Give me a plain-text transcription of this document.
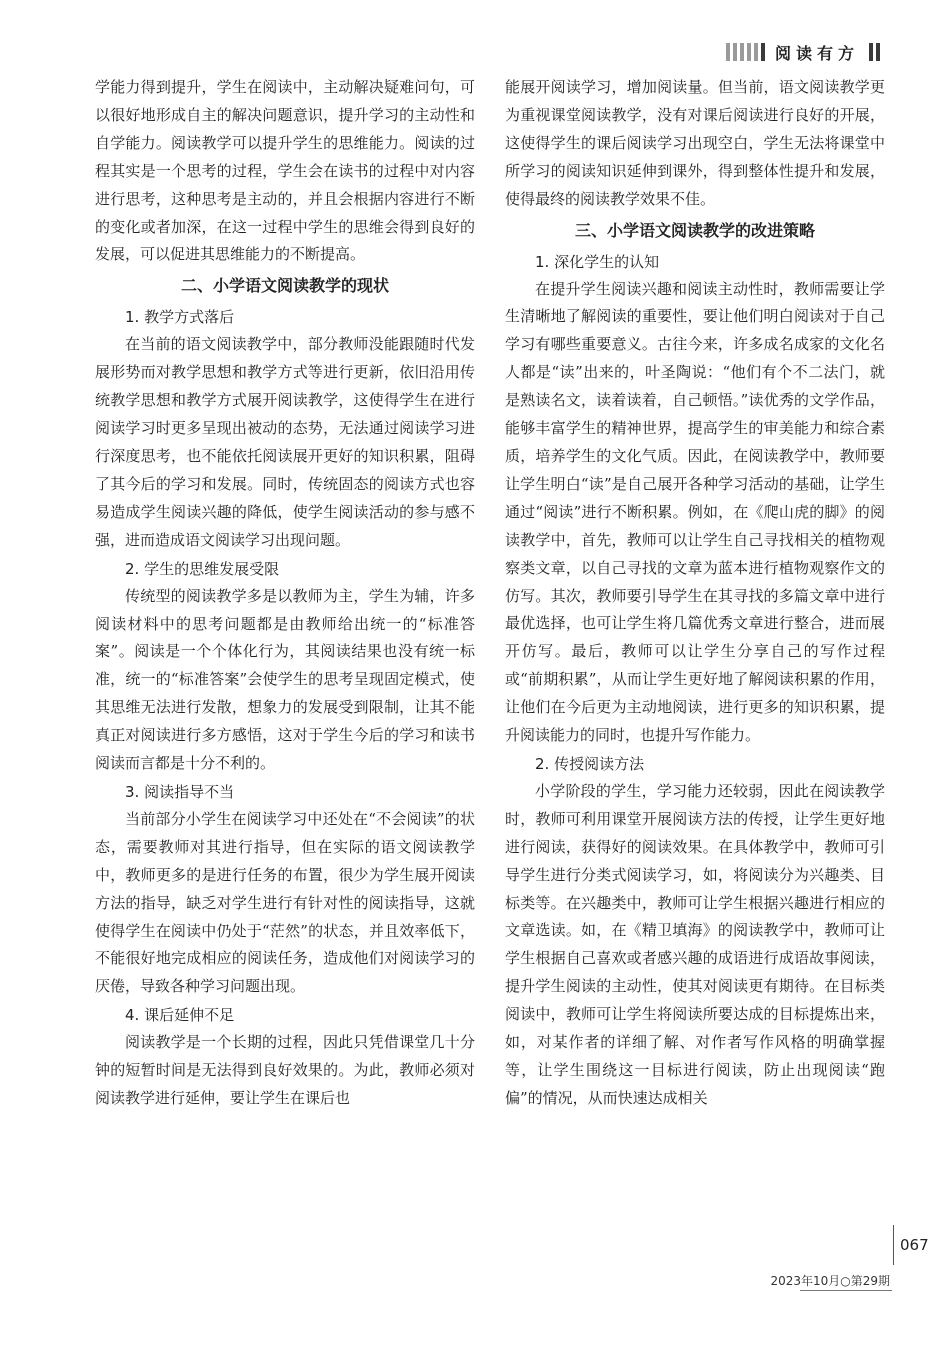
阅读有方

学能力得到提升，学生在阅读中，主动解决疑难问句，可以很好地形成自主的解决问题意识，提升学习的主动性和自学能力。阅读教学可以提升学生的思维能力。阅读的过程其实是一个思考的过程，学生会在读书的过程中对内容进行思考，这种思考是主动的，并且会根据内容进行不断的变化或者加深，在这一过程中学生的思维会得到良好的发展，可以促进其思维能力的不断提高。

二、小学语文阅读教学的现状
1. 教学方式落后

在当前的语文阅读教学中，部分教师没能跟随时代发展形势而对教学思想和教学方式等进行更新，依旧沿用传统教学思想和教学方式展开阅读教学，这使得学生在进行阅读学习时更多呈现出被动的态势，无法通过阅读学习进行深度思考，也不能依托阅读展开更好的知识积累，阻碍了其今后的学习和发展。同时，传统固态的阅读方式也容易造成学生阅读兴趣的降低，使学生阅读活动的参与感不强，进而造成语文阅读学习出现问题。

2. 学生的思维发展受限

传统型的阅读教学多是以教师为主，学生为辅，许多阅读材料中的思考问题都是由教师给出统一的“标准答案”。阅读是一个个体化行为，其阅读结果也没有统一标准，统一的“标准答案”会使学生的思考呈现固定模式，使其思维无法进行发散，想象力的发展受到限制，让其不能真正对阅读进行多方感悟，这对于学生今后的学习和读书阅读而言都是十分不利的。

3. 阅读指导不当

当前部分小学生在阅读学习中还处在“不会阅读”的状态，需要教师对其进行指导，但在实际的语文阅读教学中，教师更多的是进行任务的布置，很少为学生展开阅读方法的指导，缺乏对学生进行有针对性的阅读指导，这就使得学生在阅读中仍处于“茫然”的状态，并且效率低下，不能很好地完成相应的阅读任务，造成他们对阅读学习的厌倦，导致各种学习问题出现。

4. 课后延伸不足

阅读教学是一个长期的过程，因此只凭借课堂几十分钟的短暂时间是无法得到良好效果的。为此，教师必须对阅读教学进行延伸，要让学生在课后也

能展开阅读学习，增加阅读量。但当前，语文阅读教学更为重视课堂阅读教学，没有对课后阅读进行良好的开展，这使得学生的课后阅读学习出现空白，学生无法将课堂中所学习的阅读知识延伸到课外，得到整体性提升和发展，使得最终的阅读教学效果不佳。

三、小学语文阅读教学的改进策略
1. 深化学生的认知

在提升学生阅读兴趣和阅读主动性时，教师需要让学生清晰地了解阅读的重要性，要让他们明白阅读对于自己学习有哪些重要意义。古往今来，许多成名成家的文化名人都是“读”出来的，叶圣陶说：“他们有个不二法门，就是熟读名文，读着读着，自己顿悟。”读优秀的文学作品，能够丰富学生的精神世界，提高学生的审美能力和综合素质，培养学生的文化气质。因此，在阅读教学中，教师要让学生明白“读”是自己展开各种学习活动的基础，让学生通过“阅读”进行不断积累。例如，在《爬山虎的脚》的阅读教学中，首先，教师可以让学生自己寻找相关的植物观察类文章，以自己寻找的文章为蓝本进行植物观察作文的仿写。其次，教师要引导学生在其寻找的多篇文章中进行最优选择，也可让学生将几篇优秀文章进行整合，进而展开仿写。最后，教师可以让学生分享自己的写作过程或“前期积累”，从而让学生更好地了解阅读积累的作用，让他们在今后更为主动地阅读，进行更多的知识积累，提升阅读能力的同时，也提升写作能力。

2. 传授阅读方法

小学阶段的学生，学习能力还较弱，因此在阅读教学时，教师可利用课堂开展阅读方法的传授，让学生更好地进行阅读，获得好的阅读效果。在具体教学中，教师可引导学生进行分类式阅读学习，如，将阅读分为兴趣类、目标类等。在兴趣类中，教师可让学生根据兴趣进行相应的文章选读。如，在《精卫填海》的阅读教学中，教师可让学生根据自己喜欢或者感兴趣的成语进行成语故事阅读，提升学生阅读的主动性，使其对阅读更有期待。在目标类阅读中，教师可让学生将阅读所要达成的目标提炼出来，如，对某作者的详细了解、对作者写作风格的明确掌握等，让学生围绕这一目标进行阅读，防止出现阅读“跑偏”的情况，从而快速达成相关

067
2023年10月○第29期
